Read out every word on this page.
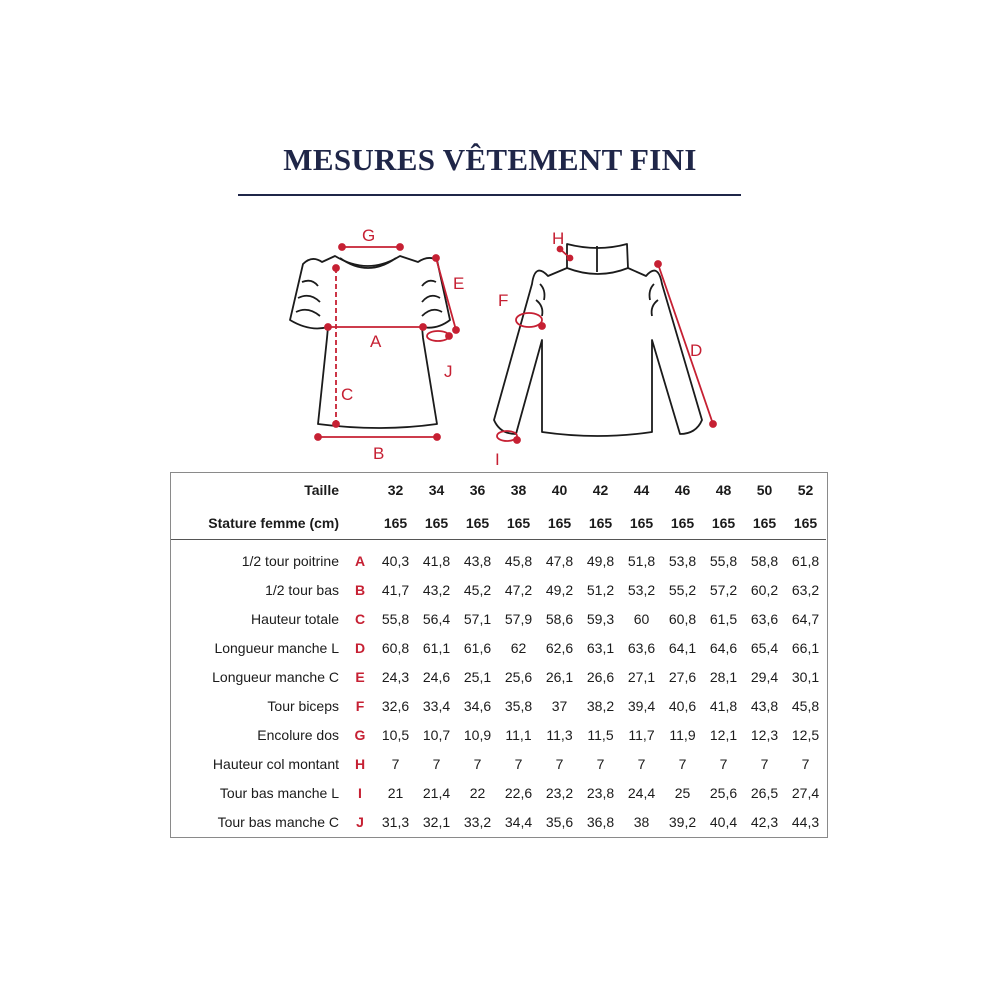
MESURES VÊTEMENT FINI
G
A
C
B
E
J
H
F
D
I
Taille		32	34	36	38	40	42	44	46	48	50	52
Stature femme (cm)		165	165	165	165	165	165	165	165	165	165	165
1/2 tour poitrine	A	40,3	41,8	43,8	45,8	47,8	49,8	51,8	53,8	55,8	58,8	61,8
1/2 tour bas	B	41,7	43,2	45,2	47,2	49,2	51,2	53,2	55,2	57,2	60,2	63,2
Hauteur totale	C	55,8	56,4	57,1	57,9	58,6	59,3	60	60,8	61,5	63,6	64,7
Longueur manche L	D	60,8	61,1	61,6	62	62,6	63,1	63,6	64,1	64,6	65,4	66,1
Longueur manche C	E	24,3	24,6	25,1	25,6	26,1	26,6	27,1	27,6	28,1	29,4	30,1
Tour biceps	F	32,6	33,4	34,6	35,8	37	38,2	39,4	40,6	41,8	43,8	45,8
Encolure dos	G	10,5	10,7	10,9	11,1	11,3	11,5	11,7	11,9	12,1	12,3	12,5
Hauteur col montant	H	7	7	7	7	7	7	7	7	7	7	7
Tour bas manche L	I	21	21,4	22	22,6	23,2	23,8	24,4	25	25,6	26,5	27,4
Tour bas manche C	J	31,3	32,1	33,2	34,4	35,6	36,8	38	39,2	40,4	42,3	44,3
